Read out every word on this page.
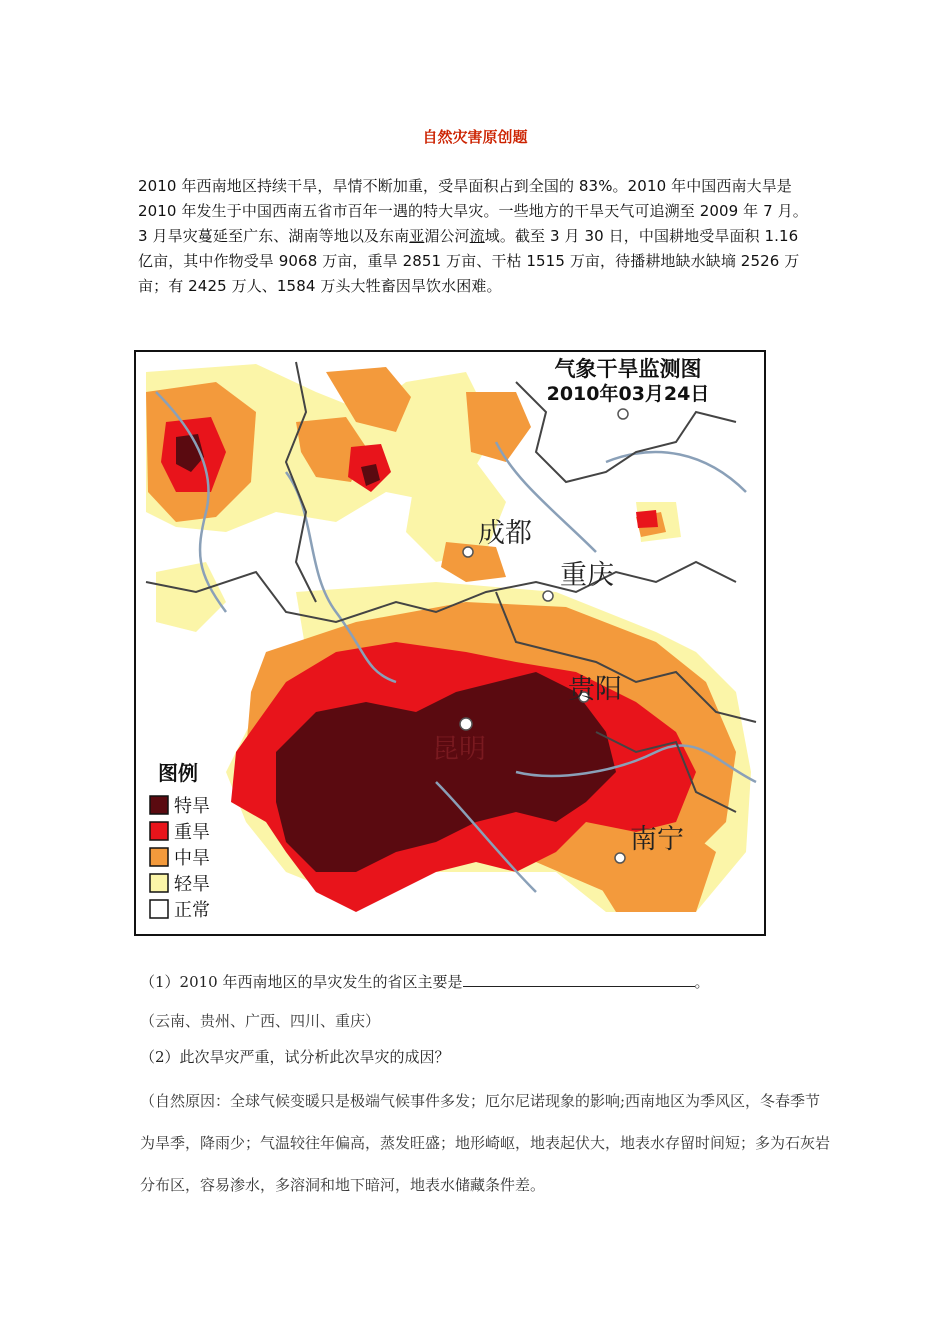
自然灾害原创题

2010 年西南地区持续干旱，旱情不断加重，受旱面积占到全国的 83%。2010 年中国西南大旱是 2010 年发生于中国西南五省市百年一遇的特大旱灾。一些地方的干旱天气可追溯至 2009 年 7 月。3 月旱灾蔓延至广东、湖南等地以及东南亚湄公河流域。截至 3 月 30 日，中国耕地受旱面积 1.16 亿亩，其中作物受旱 9068 万亩，重旱 2851 万亩、干枯 1515 万亩，待播耕地缺水缺墒 2526 万亩；有 2425 万人、1584 万头大牲畜因旱饮水困难。

气象干旱监测图
2010年03月24日
成都
重庆
贵阳
昆明
南宁
图例
特旱
重旱
中旱
轻旱
正常
（1）2010 年西南地区的旱灾发生的省区主要是	。
（云南、贵州、广西、四川、重庆）
（2）此次旱灾严重，试分析此次旱灾的成因？
（自然原因：全球气候变暖只是极端气候事件多发；厄尔尼诺现象的影响;西南地区为季风区，冬春季节为旱季，降雨少；气温较往年偏高，蒸发旺盛；地形崎岖，地表起伏大，地表水存留时间短；多为石灰岩分布区，容易渗水，多溶洞和地下暗河，地表水储藏条件差。
